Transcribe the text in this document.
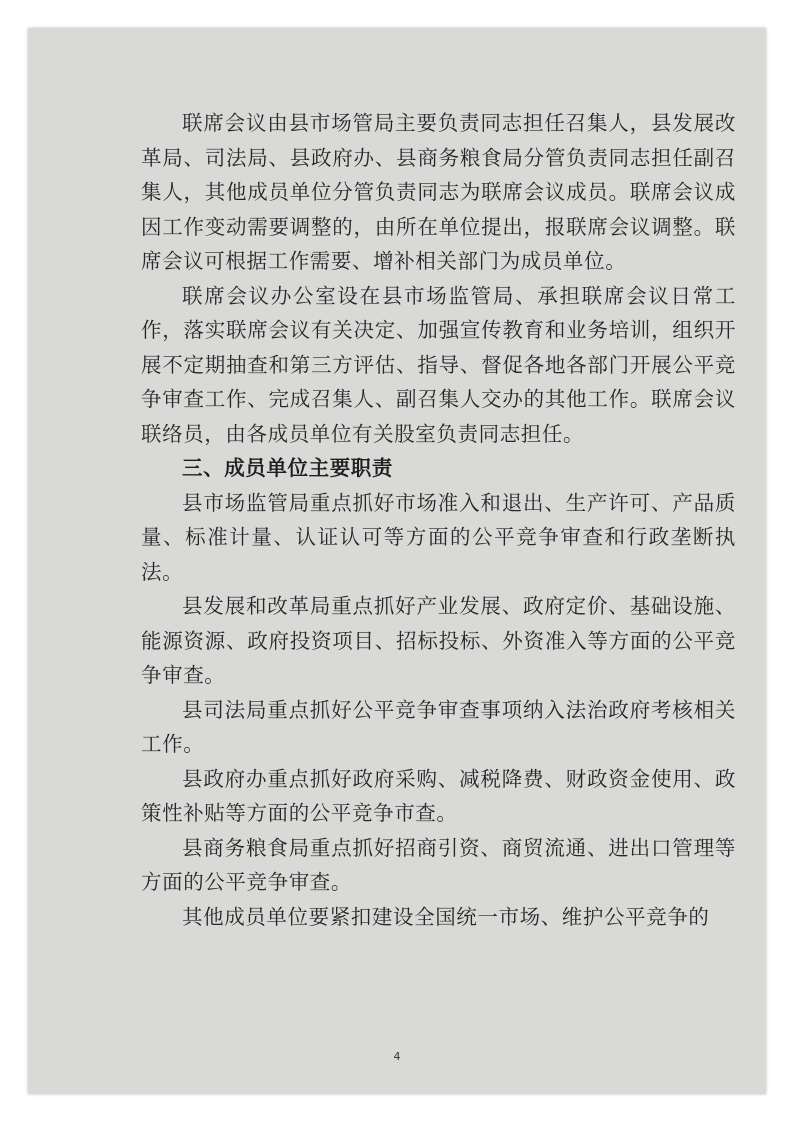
联席会议由县市场管局主要负责同志担任召集人，县发展改革局、司法局、县政府办、县商务粮食局分管负责同志担任副召集人，其他成员单位分管负责同志为联席会议成员。联席会议成因工作变动需要调整的，由所在单位提出，报联席会议调整。联席会议可根据工作需要、增补相关部门为成员单位。

联席会议办公室设在县市场监管局、承担联席会议日常工作，落实联席会议有关决定、加强宣传教育和业务培训，组织开展不定期抽查和第三方评估、指导、督促各地各部门开展公平竞争审查工作、完成召集人、副召集人交办的其他工作。联席会议联络员，由各成员单位有关股室负责同志担任。

三、成员单位主要职责

县市场监管局重点抓好市场准入和退出、生产许可、产品质量、标准计量、认证认可等方面的公平竞争审查和行政垄断执法。

县发展和改革局重点抓好产业发展、政府定价、基础设施、能源资源、政府投资项目、招标投标、外资准入等方面的公平竞争审查。

县司法局重点抓好公平竞争审查事项纳入法治政府考核相关工作。

县政府办重点抓好政府采购、减税降费、财政资金使用、政策性补贴等方面的公平竞争市查。

县商务粮食局重点抓好招商引资、商贸流通、进出口管理等方面的公平竞争审查。

其他成员单位要紧扣建设全国统一市场、维护公平竞争的

4
